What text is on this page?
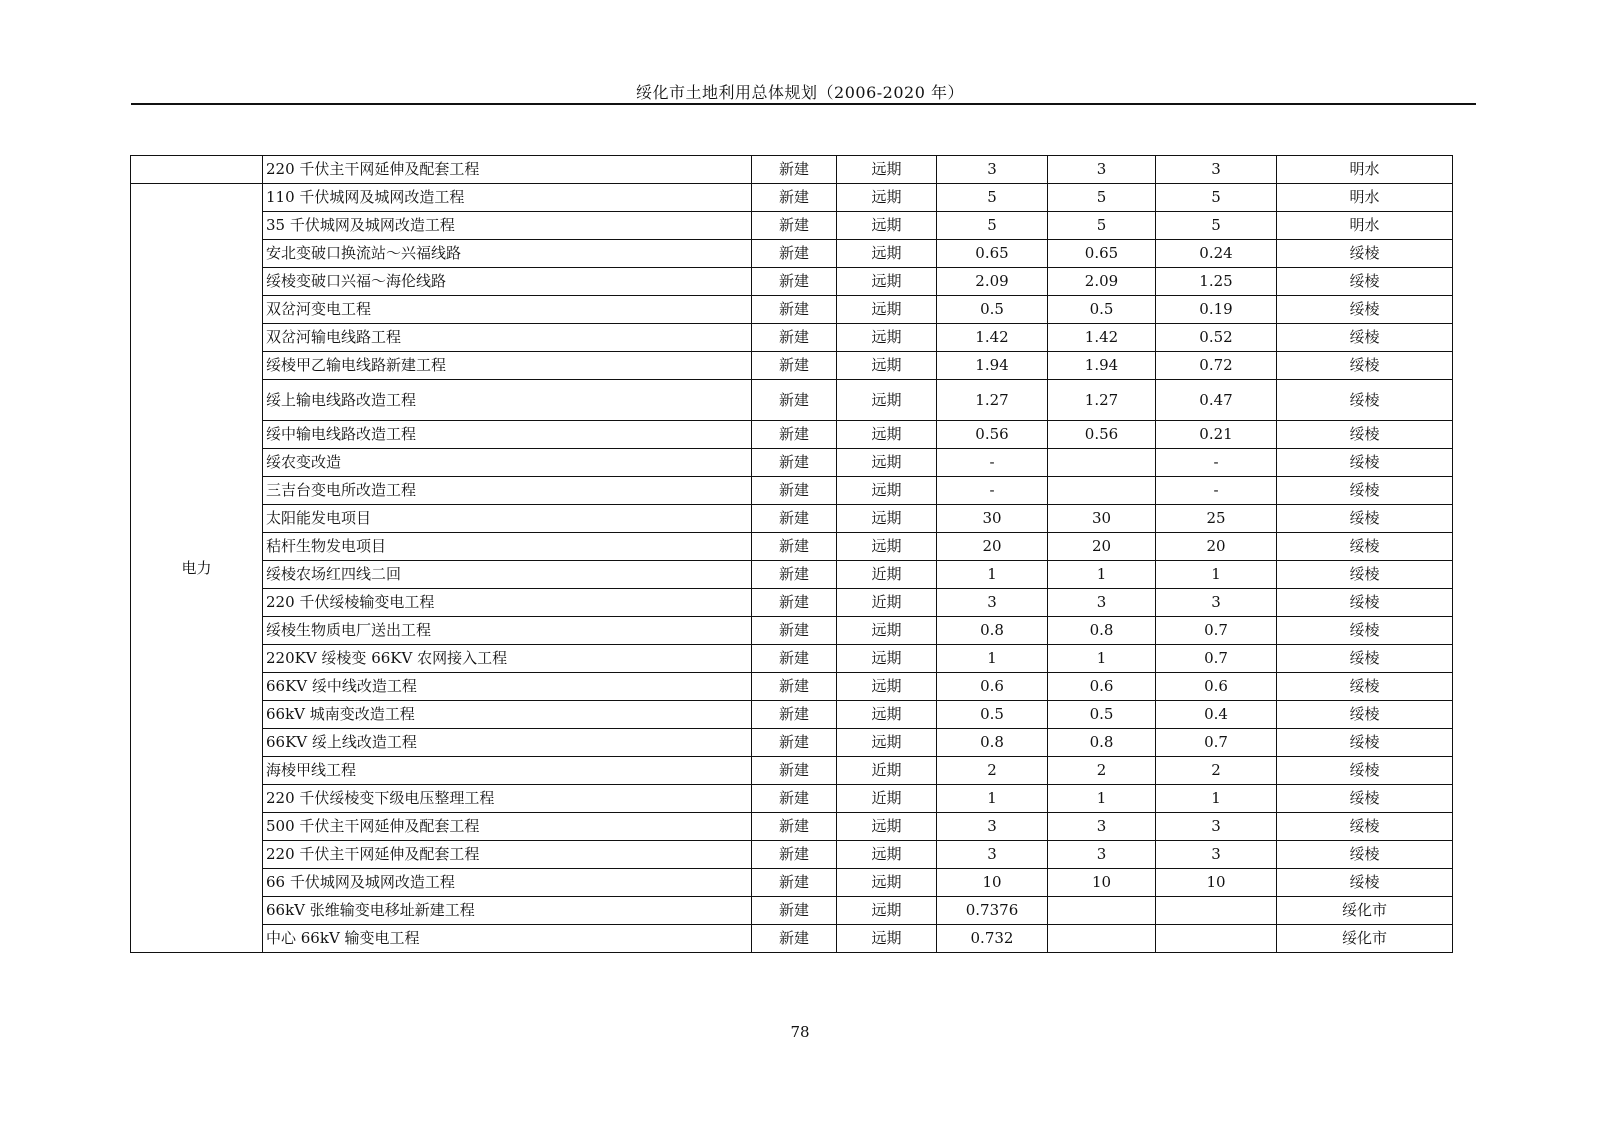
绥化市土地利用总体规划（2006-2020 年）
	220 千伏主干网延伸及配套工程	新建	远期	3	3	3	明水
电力	110 千伏城网及城网改造工程	新建	远期	5	5	5	明水
	35 千伏城网及城网改造工程	新建	远期	5	5	5	明水
	安北变破口换流站～兴福线路	新建	远期	0.65	0.65	0.24	绥棱
	绥棱变破口兴福～海伦线路	新建	远期	2.09	2.09	1.25	绥棱
	双岔河变电工程	新建	远期	0.5	0.5	0.19	绥棱
	双岔河输电线路工程	新建	远期	1.42	1.42	0.52	绥棱
	绥棱甲乙输电线路新建工程	新建	远期	1.94	1.94	0.72	绥棱
	绥上输电线路改造工程	新建	远期	1.27	1.27	0.47	绥棱
	绥中输电线路改造工程	新建	远期	0.56	0.56	0.21	绥棱
	绥农变改造	新建	远期	-		-	绥棱
	三吉台变电所改造工程	新建	远期	-		-	绥棱
	太阳能发电项目	新建	远期	30	30	25	绥棱
	秸杆生物发电项目	新建	远期	20	20	20	绥棱
	绥棱农场红四线二回	新建	近期	1	1	1	绥棱
	220 千伏绥棱输变电工程	新建	近期	3	3	3	绥棱
	绥棱生物质电厂送出工程	新建	远期	0.8	0.8	0.7	绥棱
	220KV 绥棱变 66KV 农网接入工程	新建	远期	1	1	0.7	绥棱
	66KV 绥中线改造工程	新建	远期	0.6	0.6	0.6	绥棱
	66kV 城南变改造工程	新建	远期	0.5	0.5	0.4	绥棱
	66KV 绥上线改造工程	新建	远期	0.8	0.8	0.7	绥棱
	海棱甲线工程	新建	近期	2	2	2	绥棱
	220 千伏绥棱变下级电压整理工程	新建	近期	1	1	1	绥棱
	500 千伏主干网延伸及配套工程	新建	远期	3	3	3	绥棱
	220 千伏主干网延伸及配套工程	新建	远期	3	3	3	绥棱
	66 千伏城网及城网改造工程	新建	远期	10	10	10	绥棱
	66kV 张维输变电移址新建工程	新建	远期	0.7376			绥化市
	中心 66kV 输变电工程	新建	远期	0.732			绥化市
78
